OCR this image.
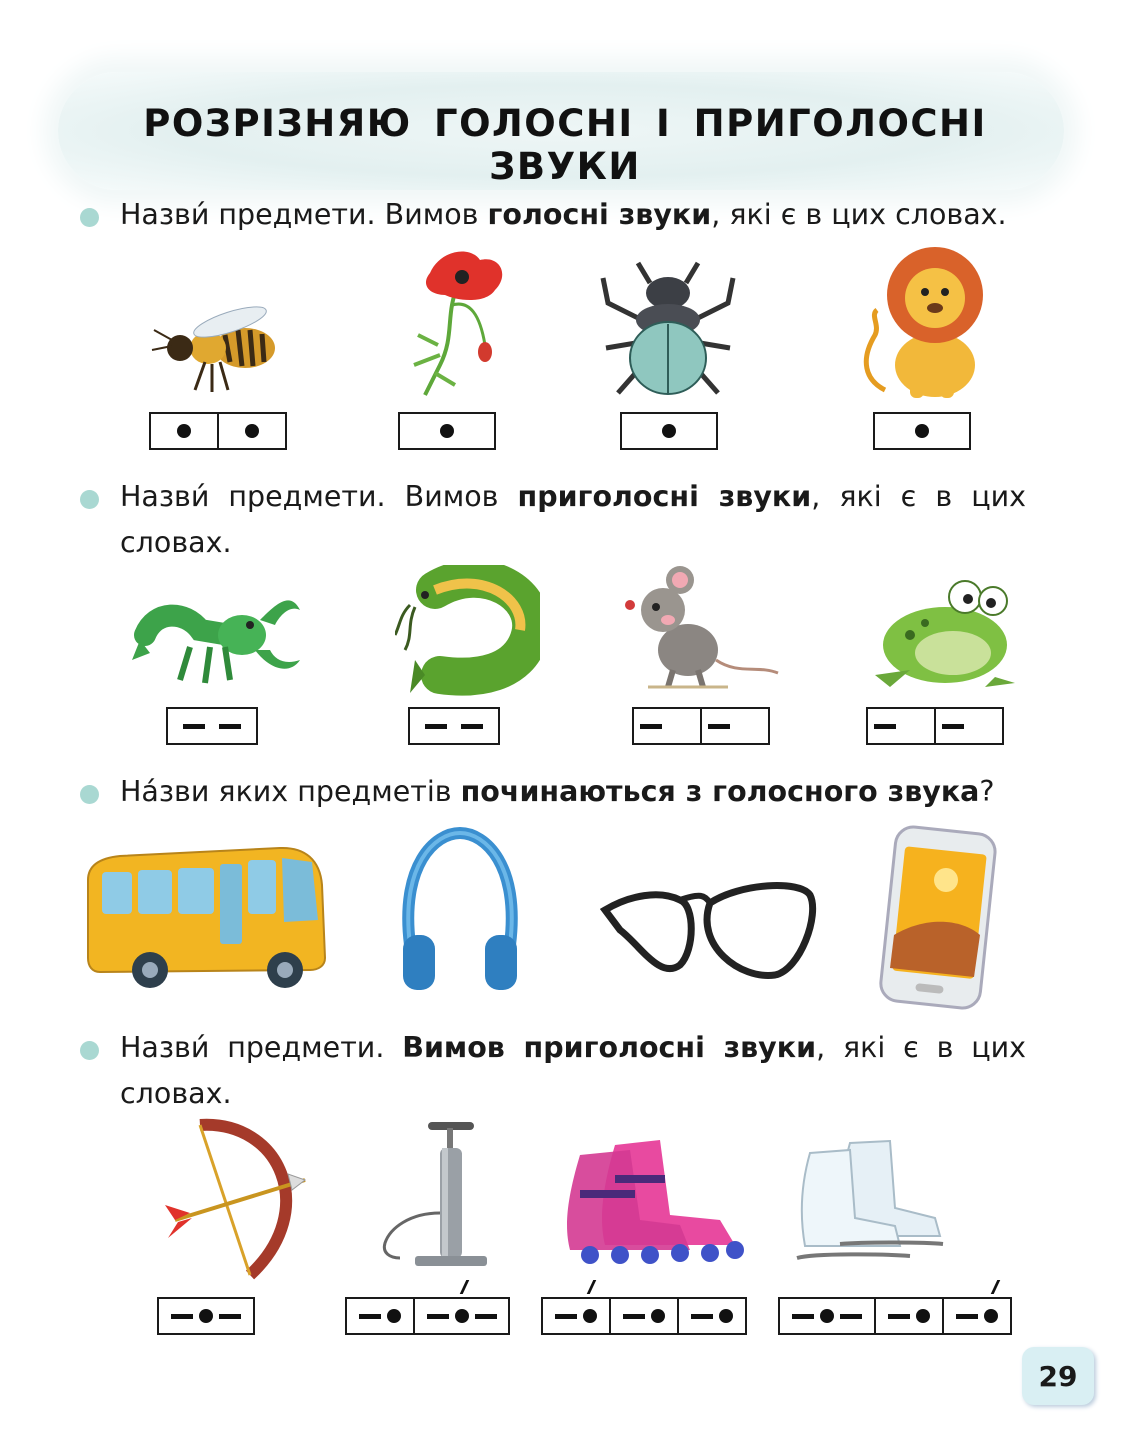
РОЗРІЗНЯЮ ГОЛОСНІ І ПРИГОЛОСНІ ЗВУКИ
Назви́ предмети. Вимов голосні звуки, які є в цих словах.
Назви́ предмети. Вимов приголосні звуки, які є в цих словах.
На́зви яких предметів починаються з голосного звука?
Назви́ предмети. Вимов приголосні звуки, які є в цих словах.
29
